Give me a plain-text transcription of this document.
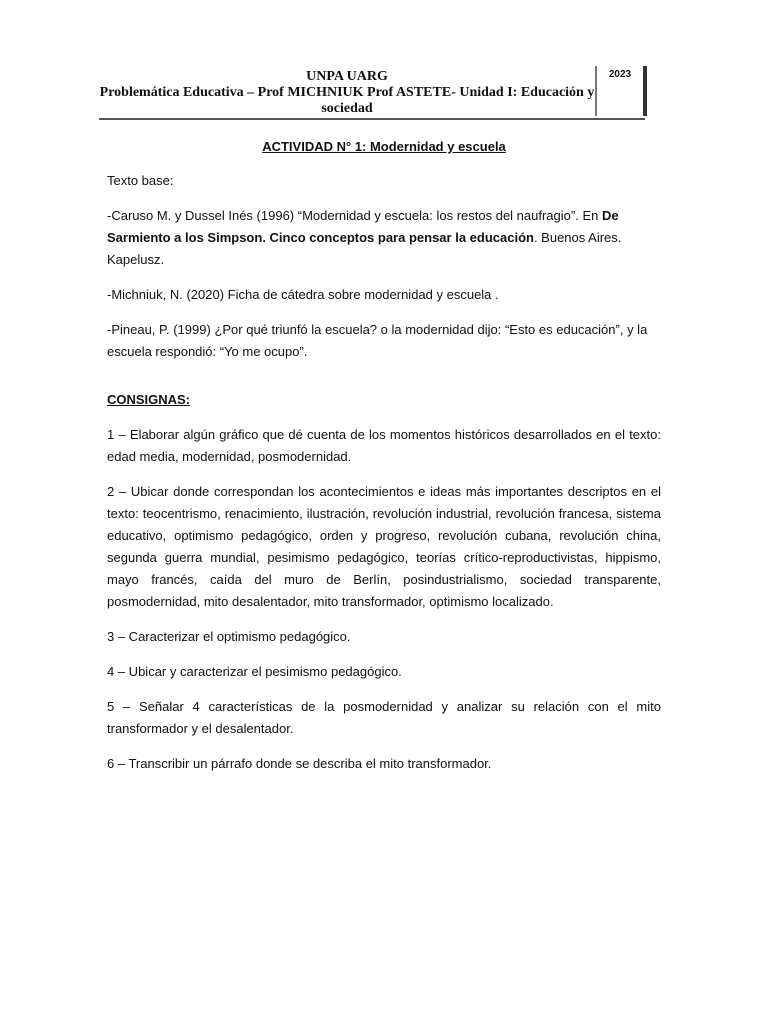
UNPA UARG
Problemática Educativa – Prof MICHNIUK Prof ASTETE- Unidad I: Educación y sociedad
2023
ACTIVIDAD N° 1: Modernidad y escuela

Texto base:

-Caruso M. y Dussel Inés (1996) “Modernidad y escuela: los restos del naufragio”. En De Sarmiento a los Simpson. Cinco conceptos para pensar la educación. Buenos Aires. Kapelusz.

-Michniuk, N. (2020) Ficha de cátedra sobre modernidad y escuela .

-Pineau, P. (1999) ¿Por qué triunfó la escuela? o la modernidad dijo: “Esto es educación”, y la escuela respondió: “Yo me ocupo”.

CONSIGNAS:

1 – Elaborar algún gráfico que dé cuenta de los momentos históricos desarrollados en el texto: edad media, modernidad, posmodernidad.

2 – Ubicar donde correspondan los acontecimientos e ideas más importantes descriptos en el texto: teocentrismo, renacimiento, ilustración, revolución industrial, revolución francesa, sistema educativo, optimismo pedagógico, orden y progreso, revolución cubana, revolución china, segunda guerra mundial, pesimismo pedagógico, teorías crítico-reproductivistas, hippismo, mayo francés, caída del muro de Berlín, posindustrialismo, sociedad transparente, posmodernidad, mito desalentador, mito transformador, optimismo localizado.

3 – Caracterizar el optimismo pedagógico.

4 – Ubicar y caracterizar el pesimismo pedagógico.

5 – Señalar 4 características de la posmodernidad y analizar su relación con el mito transformador y el desalentador.

6 – Transcribir un párrafo donde se describa el mito transformador.
